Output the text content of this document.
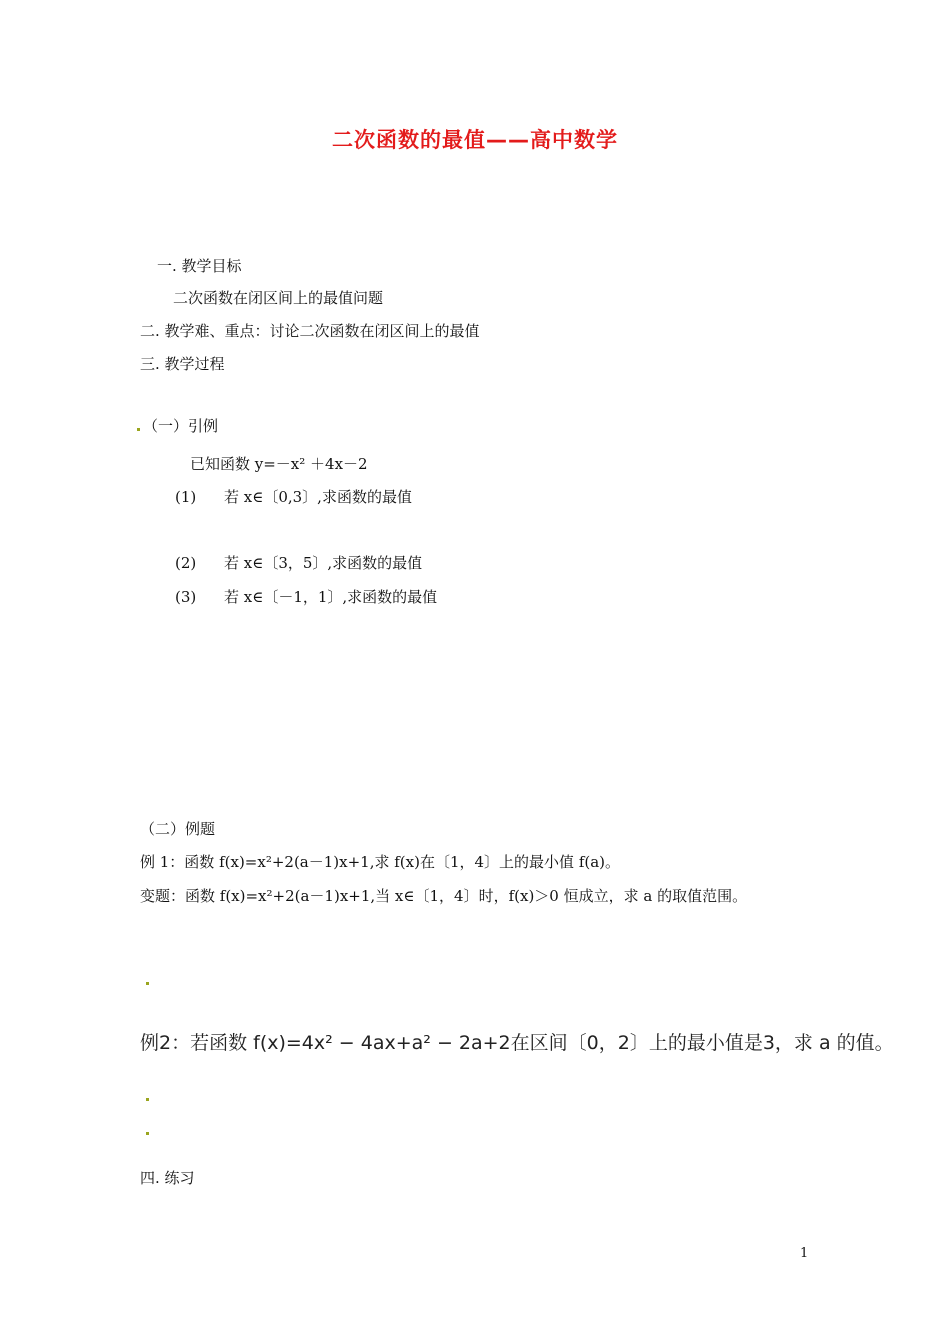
二次函数的最值——高中数学
一. 教学目标
二次函数在闭区间上的最值问题
二. 教学难、重点：讨论二次函数在闭区间上的最值
三. 教学过程
（一）引例
已知函数 y=－x² ＋4x－2
(1) 若 x∈〔0,3〕,求函数的最值
(2) 若 x∈〔3，5〕,求函数的最值
(3) 若 x∈〔－1，1〕,求函数的最值
（二）例题
例 1：函数 f(x)=x²+2(a－1)x+1,求 f(x)在〔1，4〕上的最小值 f(a)。
变题：函数 f(x)=x²+2(a－1)x+1,当 x∈〔1，4〕时，f(x)＞0 恒成立，求 a 的取值范围。
例2：若函数 f(x)=4x² − 4ax+a² − 2a+2在区间〔0，2〕上的最小值是3，求 a 的值。
四. 练习
1
